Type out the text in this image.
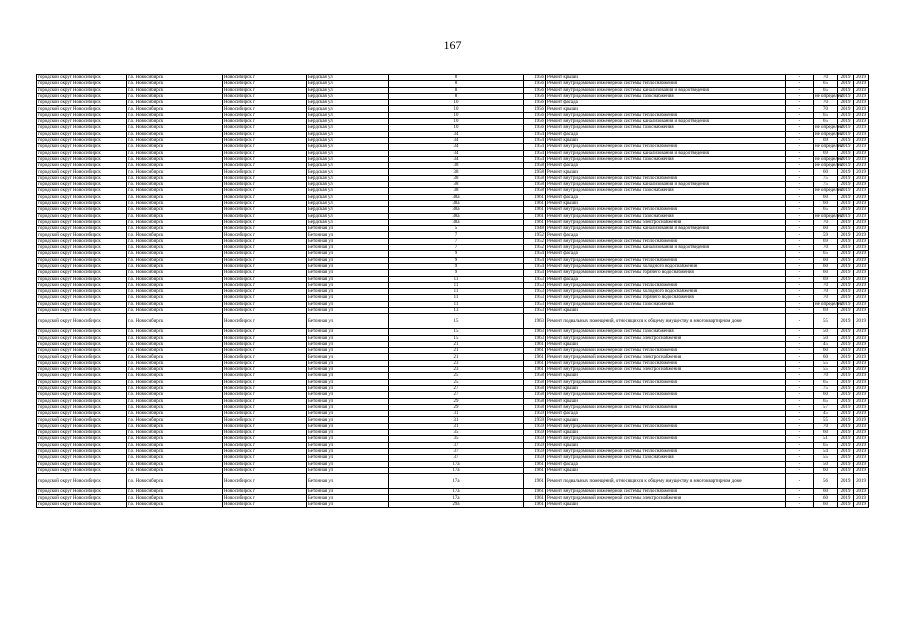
167
городской округ Новосибирск	г.о. Новосибирск	Новосибирск г	Бердская ул	8	1956	Ремонт крыши	-	70	2019	2019
городской округ Новосибирск	г.о. Новосибирск	Новосибирск г	Бердская ул	8	1956	Ремонт внутридомовой инженерной системы теплоснабжения	-	65	2019	2019
городской округ Новосибирск	г.о. Новосибирск	Новосибирск г	Бердская ул	8	1956	Ремонт внутридомовой инженерной системы канализования и водоотведения	-	65	2019	2019
городской округ Новосибирск	г.о. Новосибирск	Новосибирск г	Бердская ул	8	1956	Ремонт внутридомовой инженерной системы газоснабжения	-	не определен	2019	2019
городской округ Новосибирск	г.о. Новосибирск	Новосибирск г	Бердская ул	10	1956	Ремонт фасада	-	70	2019	2019
городской округ Новосибирск	г.о. Новосибирск	Новосибирск г	Бердская ул	10	1956	Ремонт крыши	-	70	2019	2019
городской округ Новосибирск	г.о. Новосибирск	Новосибирск г	Бердская ул	10	1956	Ремонт внутридомовой инженерной системы теплоснабжения	-	65	2019	2019
городской округ Новосибирск	г.о. Новосибирск	Новосибирск г	Бердская ул	10	1956	Ремонт внутридомовой инженерной системы канализования и водоотведения	-	65	2019	2019
городской округ Новосибирск	г.о. Новосибирск	Новосибирск г	Бердская ул	10	1956	Ремонт внутридомовой инженерной системы газоснабжения	-	не определен	2019	2019
городской округ Новосибирск	г.о. Новосибирск	Новосибирск г	Бердская ул	34	1954	Ремонт фасада	-	не определен	2019	2019
городской округ Новосибирск	г.о. Новосибирск	Новосибирск г	Бердская ул	34	1954	Ремонт крыши	-	69	2019	2019
городской округ Новосибирск	г.о. Новосибирск	Новосибирск г	Бердская ул	34	1954	Ремонт внутридомовой инженерной системы теплоснабжения	-	не определен	2019	2019
городской округ Новосибирск	г.о. Новосибирск	Новосибирск г	Бердская ул	34	1954	Ремонт внутридомовой инженерной системы канализования и водоотведения	-	69	2019	2019
городской округ Новосибирск	г.о. Новосибирск	Новосибирск г	Бердская ул	34	1954	Ремонт внутридомовой инженерной системы газоснабжения	-	не определен	2019	2019
городской округ Новосибирск	г.о. Новосибирск	Новосибирск г	Бердская ул	38	1958	Ремонт фасада	-	не определен	2019	2019
городской округ Новосибирск	г.о. Новосибирск	Новосибирск г	Бердская ул	38	1958	Ремонт крыши	-	60	2019	2019
городской округ Новосибирск	г.о. Новосибирск	Новосибирск г	Бердская ул	38	1958	Ремонт внутридомовой инженерной системы теплоснабжения	-	75	2019	2019
городской округ Новосибирск	г.о. Новосибирск	Новосибирск г	Бердская ул	38	1958	Ремонт внутридомовой инженерной системы канализования и водоотведения	-	75	2019	2019
городской округ Новосибирск	г.о. Новосибирск	Новосибирск г	Бердская ул	38	1958	Ремонт внутридомовой инженерной системы газоснабжения	-	не определен	2019	2019
городской округ Новосибирск	г.о. Новосибирск	Новосибирск г	Бердская ул	38а	1961	Ремонт фасада	-	60	2019	2019
городской округ Новосибирск	г.о. Новосибирск	Новосибирск г	Бердская ул	38а	1961	Ремонт крыши	-	60	2019	2019
городской округ Новосибирск	г.о. Новосибирск	Новосибирск г	Бердская ул	38а	1961	Ремонт внутридомовой инженерной системы теплоснабжения	-	65	2019	2019
городской округ Новосибирск	г.о. Новосибирск	Новосибирск г	Бердская ул	38а	1961	Ремонт внутридомовой инженерной системы газоснабжения	-	не определен	2019	2019
городской округ Новосибирск	г.о. Новосибирск	Новосибирск г	Бердская ул	38а	1961	Ремонт внутридомовой инженерной системы электроснабжения	-	70	2019	2019
городской округ Новосибирск	г.о. Новосибирск	Новосибирск г	Бетонная ул	5	1948	Ремонт внутридомовой инженерной системы канализования и водоотведения	-	60	2019	2019
городской округ Новосибирск	г.о. Новосибирск	Новосибирск г	Бетонная ул	7	1952	Ремонт фасада	-	59	2019	2019
городской округ Новосибирск	г.о. Новосибирск	Новосибирск г	Бетонная ул	7	1952	Ремонт внутридомовой инженерной системы теплоснабжения	-	69	2019	2019
городской округ Новосибирск	г.о. Новосибирск	Новосибирск г	Бетонная ул	7	1952	Ремонт внутридомовой инженерной системы канализования и водоотведения	-	70	2019	2019
городской округ Новосибирск	г.о. Новосибирск	Новосибирск г	Бетонная ул	9	1954	Ремонт фасада	-	65	2019	2019
городской округ Новосибирск	г.о. Новосибирск	Новосибирск г	Бетонная ул	9	1954	Ремонт внутридомовой инженерной системы теплоснабжения	-	60	2019	2019
городской округ Новосибирск	г.о. Новосибирск	Новосибирск г	Бетонная ул	9	1954	Ремонт внутридомовой инженерной системы холодного водоснабжения	-	60	2019	2019
городской округ Новосибирск	г.о. Новосибирск	Новосибирск г	Бетонная ул	9	1954	Ремонт внутридомовой инженерной системы горячего водоснабжения	-	60	2019	2019
городской округ Новосибирск	г.о. Новосибирск	Новосибирск г	Бетонная ул	11	1953	Ремонт фасада	-	69	2019	2019
городской округ Новосибирск	г.о. Новосибирск	Новосибирск г	Бетонная ул	11	1953	Ремонт внутридомовой инженерной системы теплоснабжения	-	70	2019	2019
городской округ Новосибирск	г.о. Новосибирск	Новосибирск г	Бетонная ул	11	1953	Ремонт внутридомовой инженерной системы холодного водоснабжения	-	70	2019	2019
городской округ Новосибирск	г.о. Новосибирск	Новосибирск г	Бетонная ул	11	1953	Ремонт внутридомовой инженерной системы горячего водоснабжения	-	70	2019	2019
городской округ Новосибирск	г.о. Новосибирск	Новосибирск г	Бетонная ул	11	1953	Ремонт внутридомовой инженерной системы газоснабжения	-	не определен	2019	2019
городской округ Новосибирск	г.о. Новосибирск	Новосибирск г	Бетонная ул	13	1953	Ремонт крыши	-	69	2019	2019
городской округ Новосибирск	г.о. Новосибирск	Новосибирск г	Бетонная ул	15	1963	Ремонт подвальных помещений, относящихся к общему имуществу в многоквартирном доме	-	55	2019	2019
городской округ Новосибирск	г.о. Новосибирск	Новосибирск г	Бетонная ул	15	1963	Ремонт внутридомовой инженерной системы газоснабжения	-	50	2019	2019
городской округ Новосибирск	г.о. Новосибирск	Новосибирск г	Бетонная ул	15	1963	Ремонт внутридомовой инженерной системы электроснабжения	-	50	2019	2019
городской округ Новосибирск	г.о. Новосибирск	Новосибирск г	Бетонная ул	21	1961	Ремонт крыши	-	45	2019	2019
городской округ Новосибирск	г.о. Новосибирск	Новосибирск г	Бетонная ул	21	1961	Ремонт внутридомовой инженерной системы теплоснабжения	-	60	2019	2019
городской округ Новосибирск	г.о. Новосибирск	Новосибирск г	Бетонная ул	21	1961	Ремонт внутридомовой инженерной системы электроснабжения	-	60	2019	2019
городской округ Новосибирск	г.о. Новосибирск	Новосибирск г	Бетонная ул	23	1961	Ремонт внутридомовой инженерной системы теплоснабжения	-	55	2019	2019
городской округ Новосибирск	г.о. Новосибирск	Новосибирск г	Бетонная ул	23	1961	Ремонт внутридомовой инженерной системы электроснабжения	-	55	2019	2019
городской округ Новосибирск	г.о. Новосибирск	Новосибирск г	Бетонная ул	25	1958	Ремонт крыши	-	70	2019	2019
городской округ Новосибирск	г.о. Новосибирск	Новосибирск г	Бетонная ул	25	1958	Ремонт внутридомовой инженерной системы теплоснабжения	-	65	2019	2019
городской округ Новосибирск	г.о. Новосибирск	Новосибирск г	Бетонная ул	27	1958	Ремонт крыши	-	75	2019	2019
городской округ Новосибирск	г.о. Новосибирск	Новосибирск г	Бетонная ул	27	1958	Ремонт внутридомовой инженерной системы теплоснабжения	-	60	2019	2019
городской округ Новосибирск	г.о. Новосибирск	Новосибирск г	Бетонная ул	29	1958	Ремонт крыши	-	65	2019	2019
городской округ Новосибирск	г.о. Новосибирск	Новосибирск г	Бетонная ул	29	1958	Ремонт внутридомовой инженерной системы теплоснабжения	-	57	2019	2019
городской округ Новосибирск	г.о. Новосибирск	Новосибирск г	Бетонная ул	31	1959	Ремонт фасада	-	45	2019	2019
городской округ Новосибирск	г.о. Новосибирск	Новосибирск г	Бетонная ул	31	1959	Ремонт крыши	-	55	2019	2019
городской округ Новосибирск	г.о. Новосибирск	Новосибирск г	Бетонная ул	31	1959	Ремонт внутридомовой инженерной системы теплоснабжения	-	70	2019	2019
городской округ Новосибирск	г.о. Новосибирск	Новосибирск г	Бетонная ул	35	1959	Ремонт крыши	-	60	2019	2019
городской округ Новосибирск	г.о. Новосибирск	Новосибирск г	Бетонная ул	35	1959	Ремонт внутридомовой инженерной системы теплоснабжения	-	51	2019	2019
городской округ Новосибирск	г.о. Новосибирск	Новосибирск г	Бетонная ул	37	1959	Ремонт крыши	-	65	2019	2019
городской округ Новосибирск	г.о. Новосибирск	Новосибирск г	Бетонная ул	37	1959	Ремонт внутридомовой инженерной системы теплоснабжения	-	54	2019	2019
городской округ Новосибирск	г.о. Новосибирск	Новосибирск г	Бетонная ул	37	1959	Ремонт внутридомовой инженерной системы газоснабжения	-	55	2019	2019
городской округ Новосибирск	г.о. Новосибирск	Новосибирск г	Бетонная ул	17а	1961	Ремонт фасада	-	50	2019	2019
городской округ Новосибирск	г.о. Новосибирск	Новосибирск г	Бетонная ул	17а	1961	Ремонт крыши	-	60	2019	2019
городской округ Новосибирск	г.о. Новосибирск	Новосибирск г	Бетонная ул	17а	1961	Ремонт подвальных помещений, относящихся к общему имуществу в многоквартирном доме	-	56	2019	2019
городской округ Новосибирск	г.о. Новосибирск	Новосибирск г	Бетонная ул	17а	1961	Ремонт внутридомовой инженерной системы теплоснабжения	-	60	2019	2019
городской округ Новосибирск	г.о. Новосибирск	Новосибирск г	Бетонная ул	17а	1961	Ремонт внутридомовой инженерной системы электроснабжения	-	60	2019	2019
городской округ Новосибирск	г.о. Новосибирск	Новосибирск г	Бетонная ул	29а	1961	Ремонт крыши	-	60	2019	2019
